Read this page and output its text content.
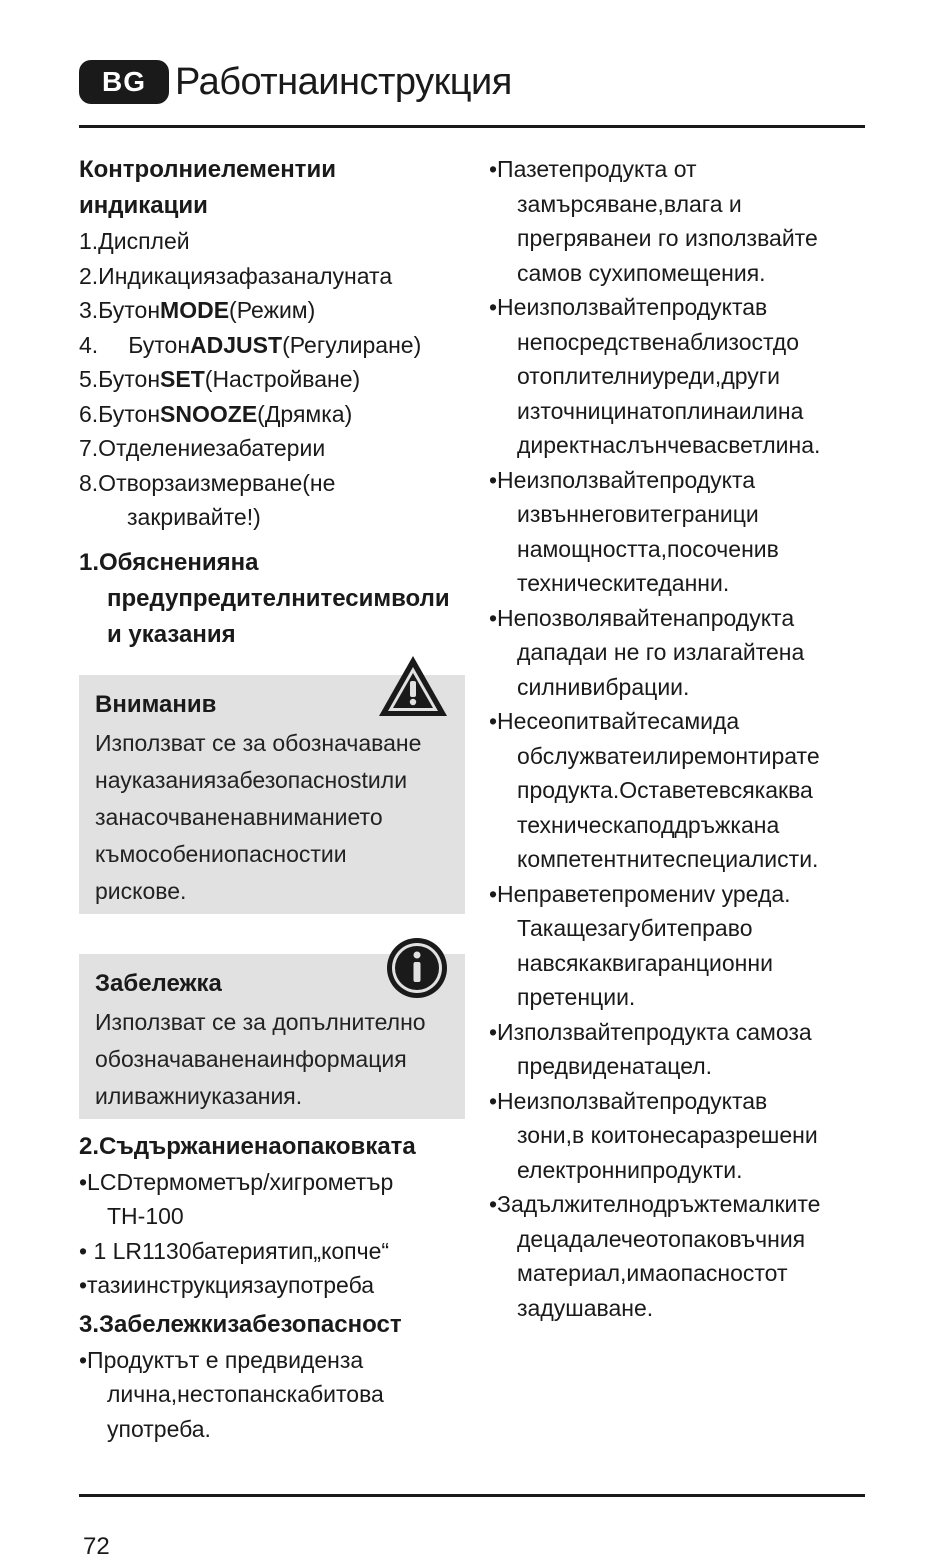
BG Работнаинструкция
Контролниелементии
индикации
1.Дисплей
2.Индикациязафазаналуната
3.БутонMODE(Режим)
4. БутонADJUST(Регулиране)
5.БутонSET(Настройване)
6.БутонSNOOZE(Дрямка)
7.Отделениезабатерии
8.Отворзаизмерване(не
закривайте!)
1.Обясненияна
предупредителнитесимволи
и указания
Вниманив
Използват се за обозначаване
науказаниязабезопаснostили
занасочваненавниманието
къмособениопасностии
рискове.
Забележка
Използват се за допълнително
обозначаваненаинформация
иливажниуказания.
2.Съдържаниенаопаковката
•LCDтермометър/хигрометър
TH-100
• 1 LR1130батериятип„копче“
•тазиинструкциязаупотреба
3.Забележкизабезопасност
•Продуктът е предвиденза
лична,нестопанскабитова
употреба.
•Пазетепродукта от
замърсяване,влага и
прегряванеи го използвайте
самов сухипомещения.
•Неизползвайтепродуктав
непосредственаблизостдо
отоплителниуреди,други
източницинатоплинаилина
директнаслънчевасветлина.
•Неизползвайтепродукта
извъннеговитеграници
намощността,посоченив
техническитеданни.
•Непозволявайтенапродукта
дападаи не го излагайтена
силнивибрации.
•Несеопитвайтесамида
обслужватеилиремонтирате
продукта.Оставетевсякаква
техническаподдръжкана
компетентнитеспециалисти.
•Неправетепромениv уреда.
Такащезагубитеправо
навсякаквигаранционни
претенции.
•Използвайтепродукта самоза
предвиденатацел.
•Неизползвайтепродуктав
зони,в коитонесаразрешени
електроннипродукти.
•Задължителнодръжтемалките
децадалечеотопаковъчния
материал,имаопасностот
задушаване.
72
